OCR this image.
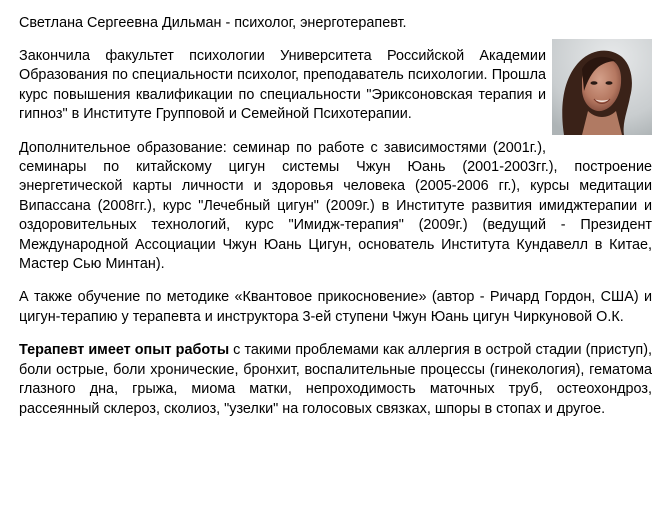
Светлана Сергеевна Дильман - психолог, энерготерапевт.

Закончила факультет психологии Университета Российской Академии Образования по специальности психолог, преподаватель психологии. Прошла курс повышения квалификации по специальности "Эриксоновская терапия и гипноз" в Институте Групповой и Семейной Психотерапии.

Дополнительное образование: семинар по работе с зависимостями (2001г.), семинары по китайскому цигун системы Чжун Юань (2001-2003гг.), построение энергетической карты личности и здоровья человека (2005-2006 гг.), курсы медитации Випассана (2008гг.), курс "Лечебный цигун" (2009г.) в Институте развития имиджтерапии и оздоровительных технологий, курс "Имидж-терапия" (2009г.) (ведущий - Президент Международной Ассоциации Чжун Юань Цигун, основатель Института Кундавелл в Китае, Мастер Сью Минтан).

А также обучение по методике «Квантовое прикосновение» (автор - Ричард Гордон, США) и цигун-терапию у терапевта и инструктора 3-ей ступени Чжун Юань цигун Чиркуновой О.К.

Терапевт имеет опыт работы с такими проблемами как аллергия в острой стадии (приступ), боли острые, боли хронические, бронхит, воспалительные процессы (гинекология), гематома глазного дна, грыжа, миома матки, непроходимость маточных труб, остеохондроз, рассеянный склероз, сколиоз, "узелки" на голосовых связках, шпоры в стопах и другое.
